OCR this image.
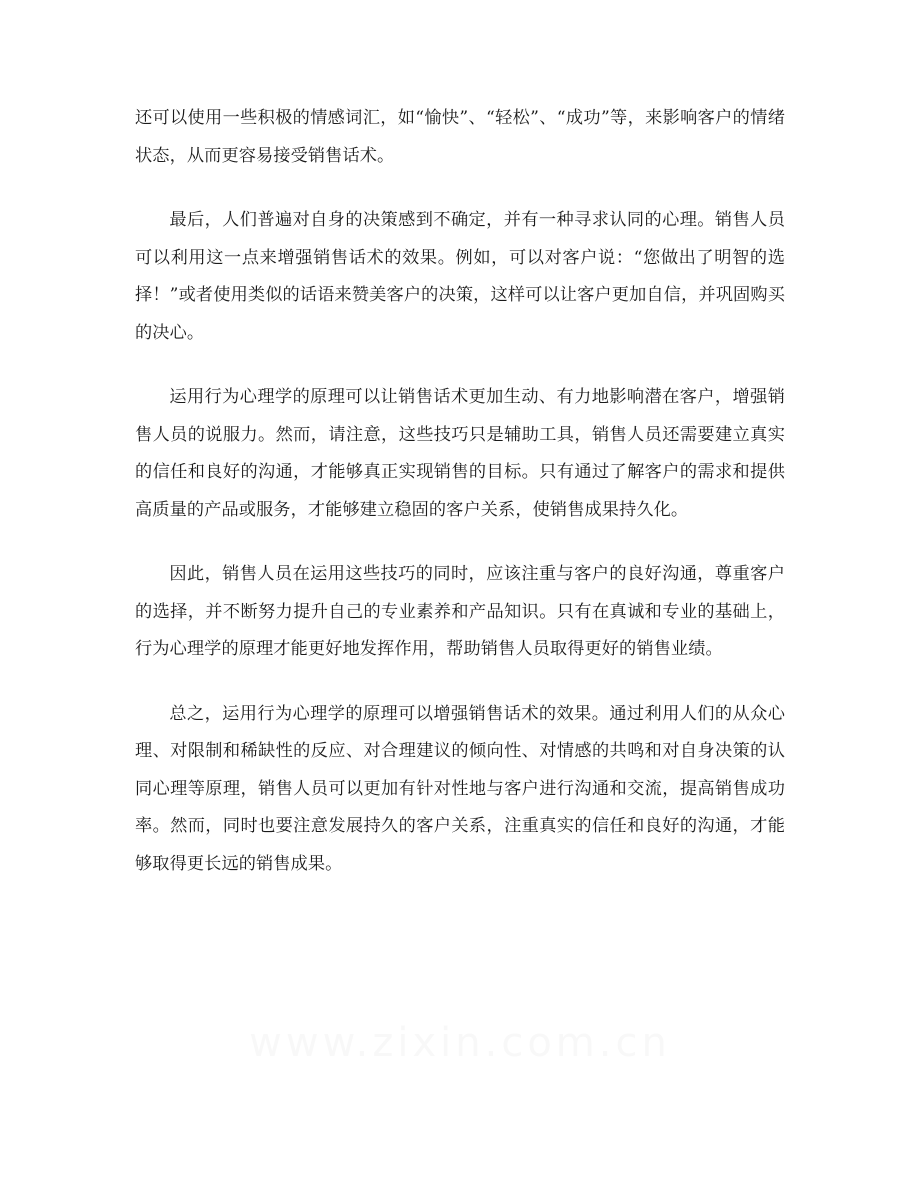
还可以使用一些积极的情感词汇，如“愉快”、“轻松”、“成功”等，来影响客户的情绪状态，从而更容易接受销售话术。

最后，人们普遍对自身的决策感到不确定，并有一种寻求认同的心理。销售人员可以利用这一点来增强销售话术的效果。例如，可以对客户说：“您做出了明智的选择！”或者使用类似的话语来赞美客户的决策，这样可以让客户更加自信，并巩固购买的决心。

运用行为心理学的原理可以让销售话术更加生动、有力地影响潜在客户，增强销售人员的说服力。然而，请注意，这些技巧只是辅助工具，销售人员还需要建立真实的信任和良好的沟通，才能够真正实现销售的目标。只有通过了解客户的需求和提供高质量的产品或服务，才能够建立稳固的客户关系，使销售成果持久化。

因此，销售人员在运用这些技巧的同时，应该注重与客户的良好沟通，尊重客户的选择，并不断努力提升自己的专业素养和产品知识。只有在真诚和专业的基础上，行为心理学的原理才能更好地发挥作用，帮助销售人员取得更好的销售业绩。

总之，运用行为心理学的原理可以增强销售话术的效果。通过利用人们的从众心理、对限制和稀缺性的反应、对合理建议的倾向性、对情感的共鸣和对自身决策的认同心理等原理，销售人员可以更加有针对性地与客户进行沟通和交流，提高销售成功率。然而，同时也要注意发展持久的客户关系，注重真实的信任和良好的沟通，才能够取得更长远的销售成果。

www.zixin.com.cn
